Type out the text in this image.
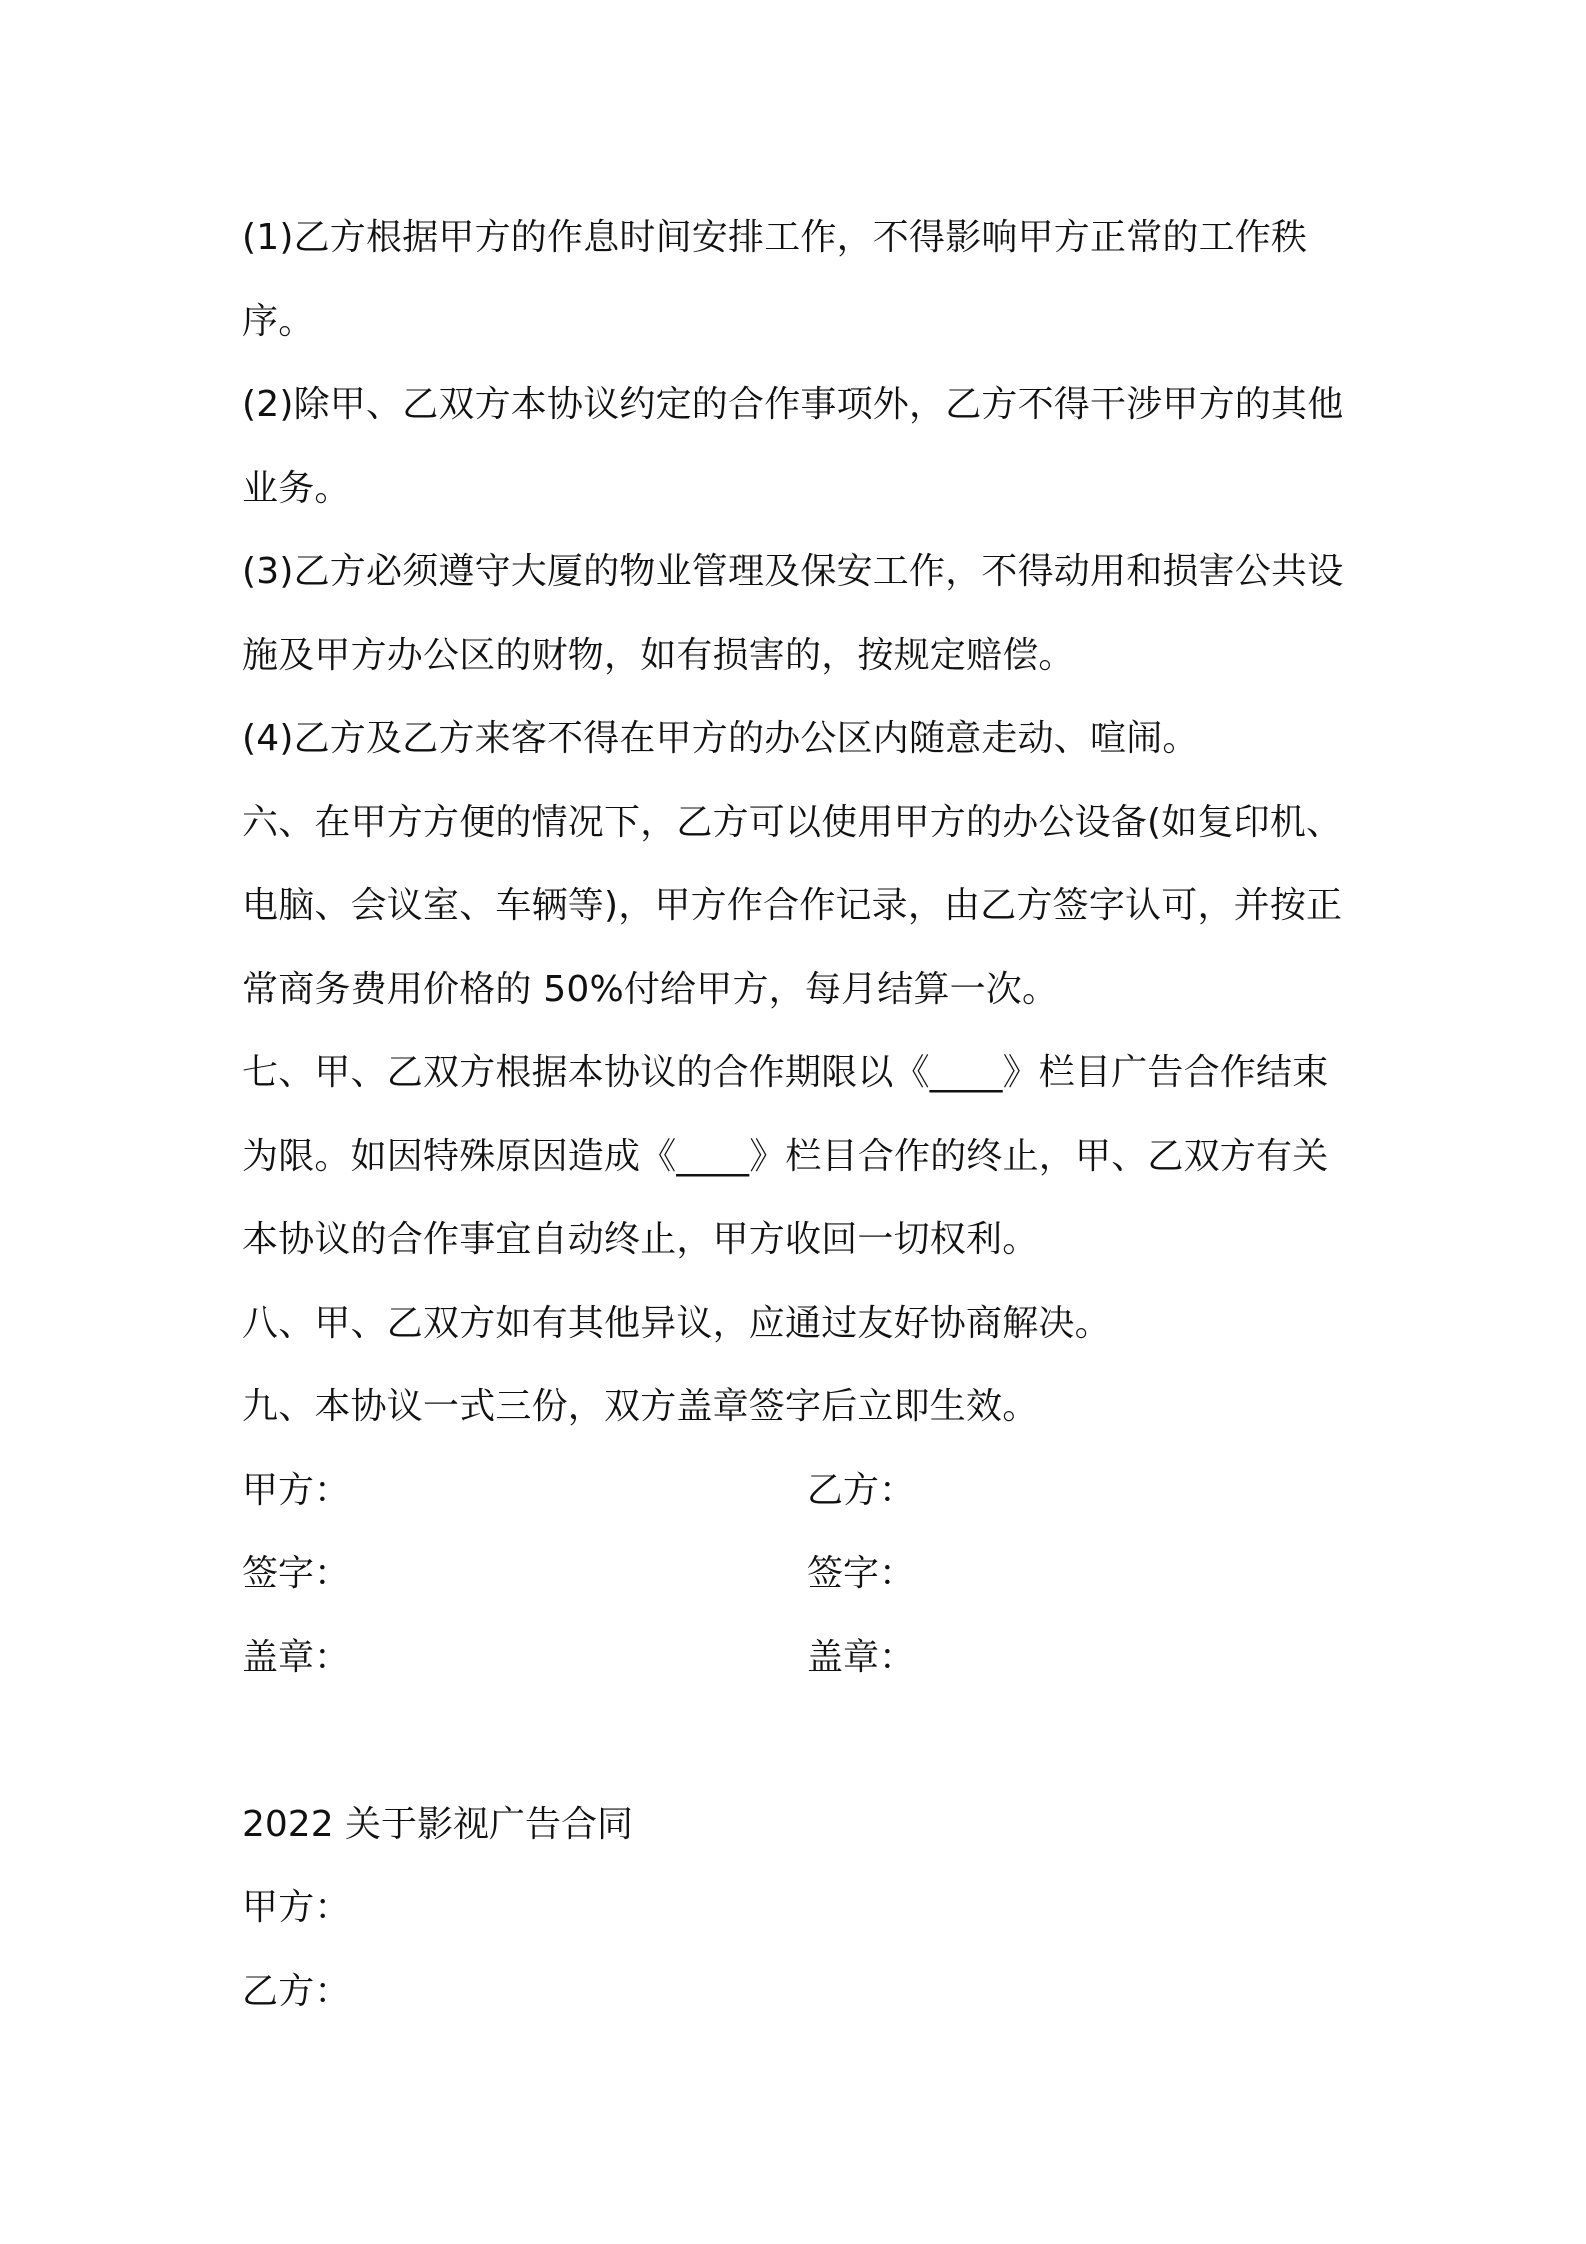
(1)乙方根据甲方的作息时间安排工作，不得影响甲方正常的工作秩序。

(2)除甲、乙双方本协议约定的合作事项外，乙方不得干涉甲方的其他业务。

(3)乙方必须遵守大厦的物业管理及保安工作，不得动用和损害公共设施及甲方办公区的财物，如有损害的，按规定赔偿。

(4)乙方及乙方来客不得在甲方的办公区内随意走动、喧闹。

六、在甲方方便的情况下，乙方可以使用甲方的办公设备(如复印机、电脑、会议室、车辆等)，甲方作合作记录，由乙方签字认可，并按正常商务费用价格的 50%付给甲方，每月结算一次。

七、甲、乙双方根据本协议的合作期限以《____》栏目广告合作结束为限。如因特殊原因造成《____》栏目合作的终止，甲、乙双方有关本协议的合作事宜自动终止，甲方收回一切权利。

八、甲、乙双方如有其他异议，应通过友好协商解决。

九、本协议一式三份，双方盖章签字后立即生效。

甲方：	乙方：
签字：	签字：
盖章：	盖章：

2022 关于影视广告合同

甲方：

乙方：
